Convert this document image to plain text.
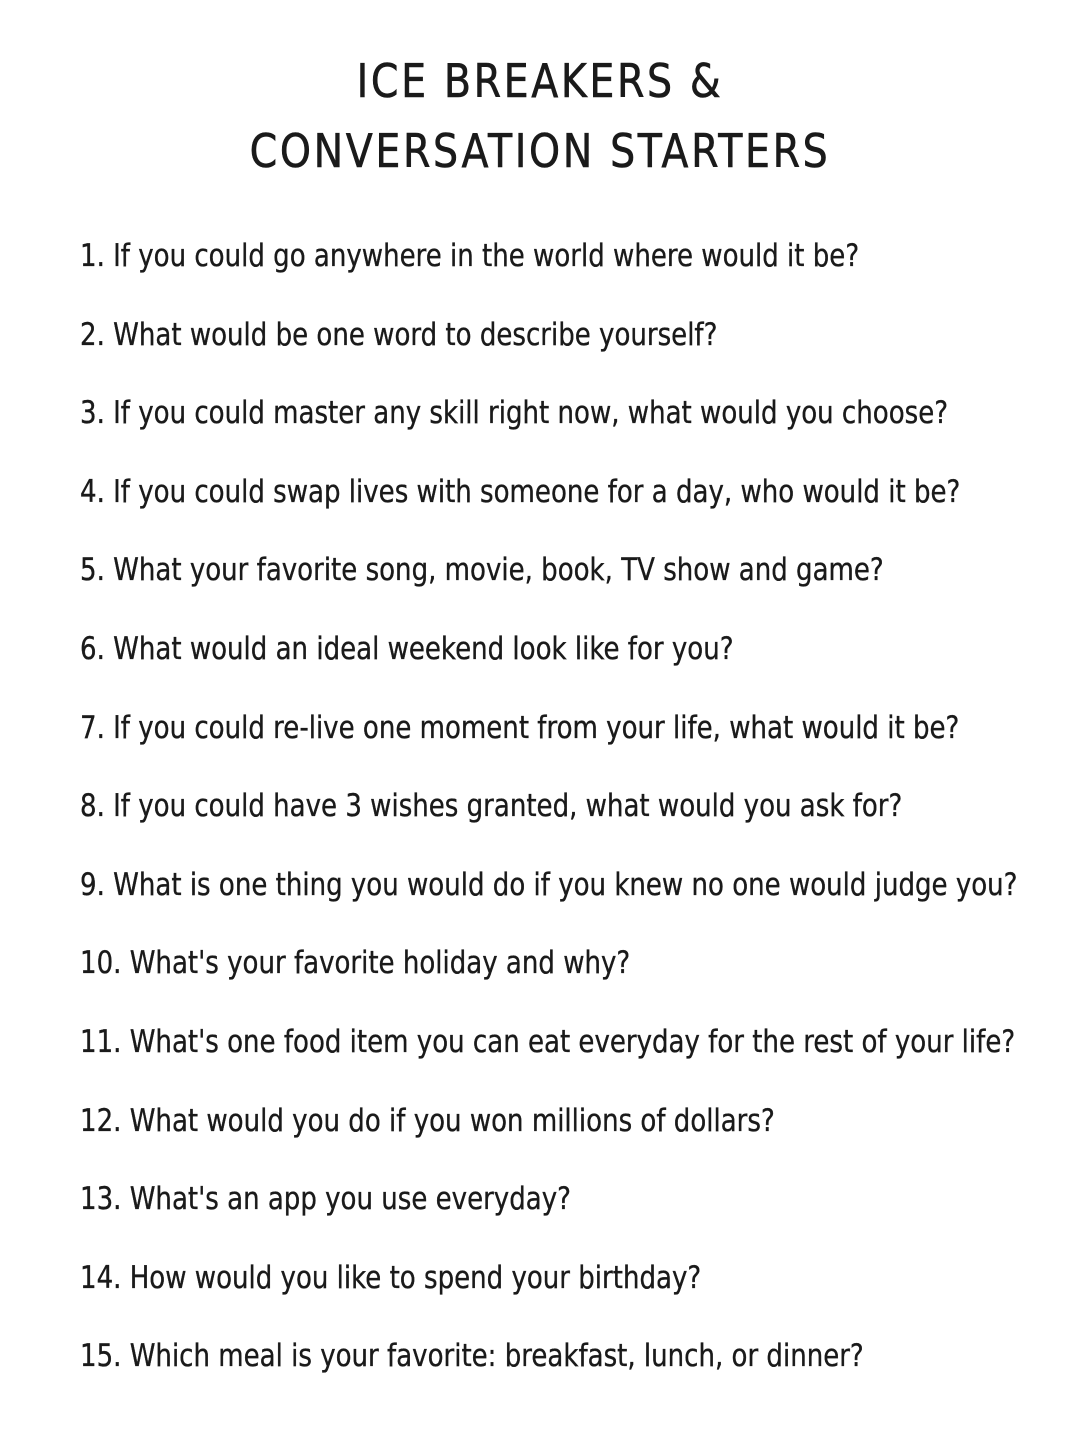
ICE BREAKERS &
CONVERSATION STARTERS
1. If you could go anywhere in the world where would it be?
2. What would be one word to describe yourself?
3. If you could master any skill right now, what would you choose?
4. If you could swap lives with someone for a day, who would it be?
5. What your favorite song, movie, book, TV show and game?
6. What would an ideal weekend look like for you?
7. If you could re-live one moment from your life, what would it be?
8. If you could have 3 wishes granted, what would you ask for?
9. What is one thing you would do if you knew no one would judge you?
10. What's your favorite holiday and why?
11. What's one food item you can eat everyday for the rest of your life?
12. What would you do if you won millions of dollars?
13. What's an app you use everyday?
14. How would you like to spend your birthday?
15. Which meal is your favorite: breakfast, lunch, or dinner?
